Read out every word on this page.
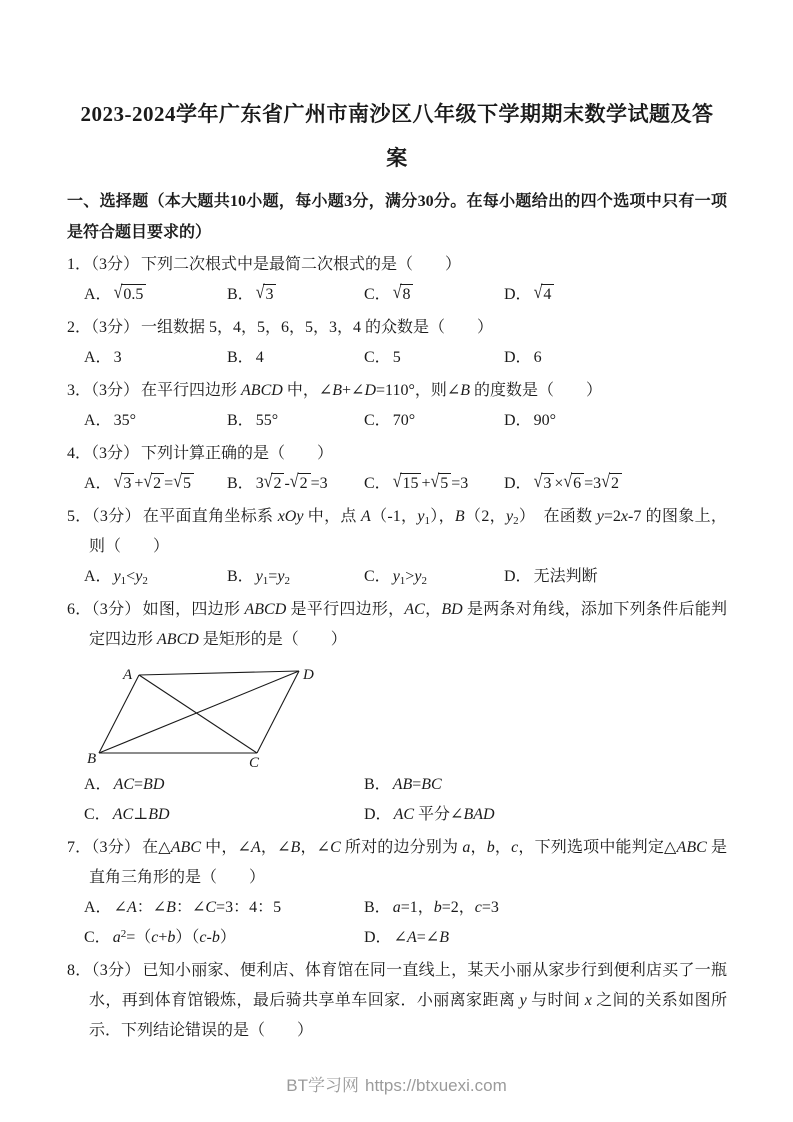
2023-2024学年广东省广州市南沙区八年级下学期期末数学试题及答
案

一、选择题（本大题共10小题，每小题3分，满分30分。在每小题给出的四个选项中只有一项是符合题目要求的）

1．（3分） 下列二次根式中是最简二次根式的是（　　）

A． √0.5	B． √3	C． √8	D． √4

2．（3分） 一组数据 5，4，5，6，5，3，4 的众数是（　　）

A． 3	B． 4	C． 5	D． 6

3．（3分） 在平行四边形 ABCD 中，∠B+∠D=110°，则∠B 的度数是（　　）

A． 35°	B． 55°	C． 70°	D． 90°

4．（3分） 下列计算正确的是（　　）

A． √3 +√2 =√5	B． 3√2 -√2 =3	C． √15 +√5 =3	D． √3 ×√6 =3√2

5．（3分） 在平面直角坐标系 xOy 中，点 A（-1，$y_1$），B（2，$y_2$）　在函数 y=2x-7 的图象上，则（　　）

A． $y_1<y_2$	B． $y_1=y_2$	C． $y_1>y_2$	D． 无法判断

6．（3分） 如图，四边形 ABCD 是平行四边形，AC，BD 是两条对角线，添加下列条件后能判定四边形 ABCD 是矩形的是（　　）

A	D
B	C
A． AC=BD	B． AB=BC
C． AC⊥BD	D． AC 平分∠BAD

7．（3分） 在△ABC 中，∠A，∠B，∠C 所对的边分别为 a，b，c，下列选项中能判定△ABC 是直角三角形的是（　　）

A． ∠A：∠B：∠C=3：4：5	B． a=1，b=2，c=3
C． $a^2=(c+b)(c-b)$	D． ∠A=∠B

8．（3分） 已知小丽家、便利店、体育馆在同一直线上，某天小丽从家步行到便利店买了一瓶水，再到体育馆锻炼，最后骑共享单车回家．小丽离家距离 y 与时间 x 之间的关系如图所示．下列结论错误的是（　　）

BT学习网 https://btxuexi.com
